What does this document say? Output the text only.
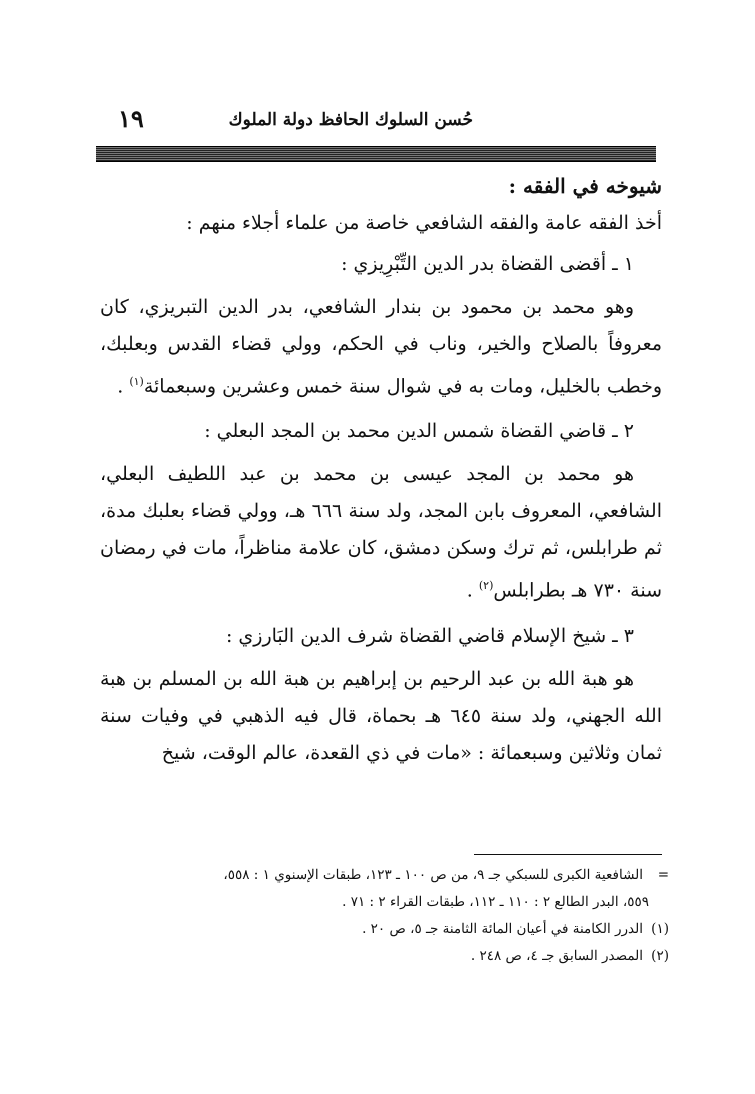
حُسن السلوك الحافظ دولة الملوك
١٩

شيوخه في الفقه :

أخذ الفقه عامة والفقه الشافعي خاصة من علماء أجلاء منهم :

١ ـ أقضى القضاة بدر الدين التِّبْرِيزي :

وهو محمد بن محمود بن بندار الشافعي، بدر الدين التبريزي، كان معروفاً بالصلاح والخير، وناب في الحكم، وولي قضاء القدس وبعلبك، وخطب بالخليل، ومات به في شوال سنة خمس وعشرين وسبعمائة$^{(١)}$ .

٢ ـ قاضي القضاة شمس الدين محمد بن المجد البعلي :

هو محمد بن المجد عيسى بن محمد بن عبد اللطيف البعلي، الشافعي، المعروف بابن المجد، ولد سنة ٦٦٦ هـ، وولي قضاء بعلبك مدة، ثم طرابلس، ثم ترك وسكن دمشق، كان علامة مناظراً، مات في رمضان سنة ٧٣٠ هـ بطرابلس$^{(٢)}$ .

٣ ـ شيخ الإسلام قاضي القضاة شرف الدين البَارزي :

هو هبة الله بن عبد الرحيم بن إبراهيم بن هبة الله بن المسلم بن هبة الله الجهني، ولد سنة ٦٤٥ هـ بحماة، قال فيه الذهبي في وفيات سنة ثمان وثلاثين وسبعمائة : «مات في ذي القعدة، عالم الوقت، شيخ

=الشافعية الكبرى للسبكي جـ ٩، من ص ١٠٠ ـ ١٢٣، طبقات الإسنوي ١ : ٥٥٨،

٥٥٩، البدر الطالع ٢ : ١١٠ ـ ١١٢، طبقات القراء ٢ : ٧١ .

(١)الدرر الكامنة في أعيان المائة الثامنة جـ ٥، ص ٢٠ .

(٢)المصدر السابق جـ ٤، ص ٢٤٨ .
